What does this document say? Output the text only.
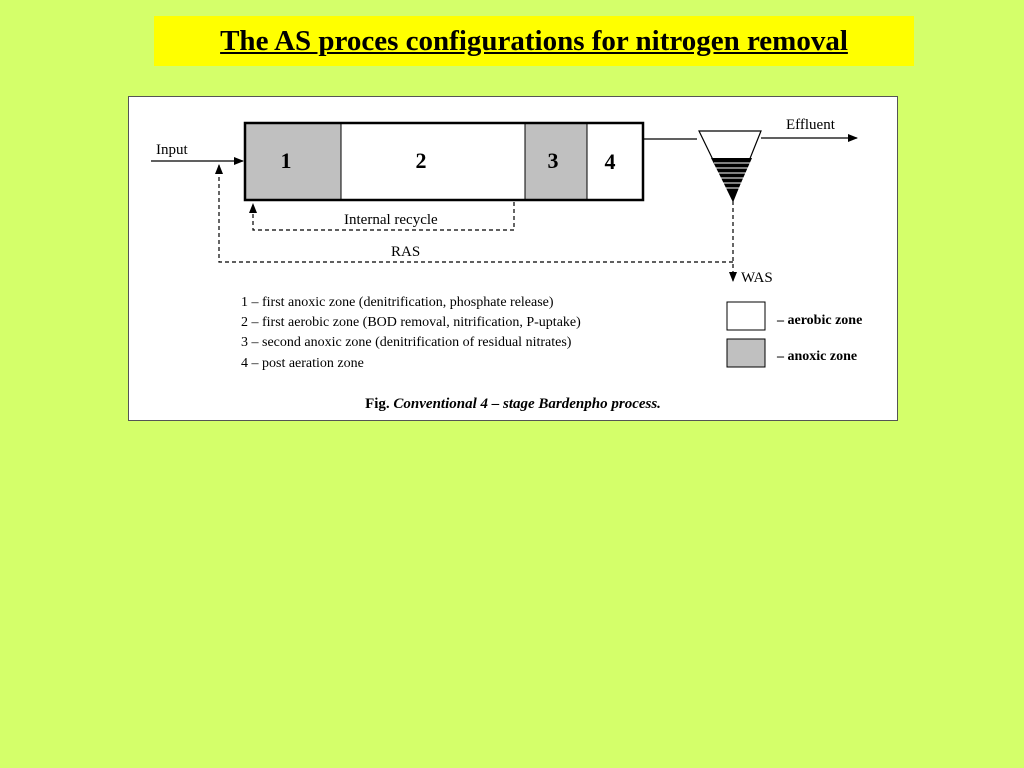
The AS proces configurations for nitrogen removal
1	2	3 4
Input
Effluent
WAS
RAS
Internal recycle
1 – first anoxic zone (denitrification, phosphate release)
2 – first aerobic zone (BOD removal, nitrification, P-uptake)
3 – second anoxic zone (denitrification of residual nitrates)
4 – post aeration zone
– aerobic zone
– anoxic zone
Fig. Conventional 4 – stage Bardenpho process.
